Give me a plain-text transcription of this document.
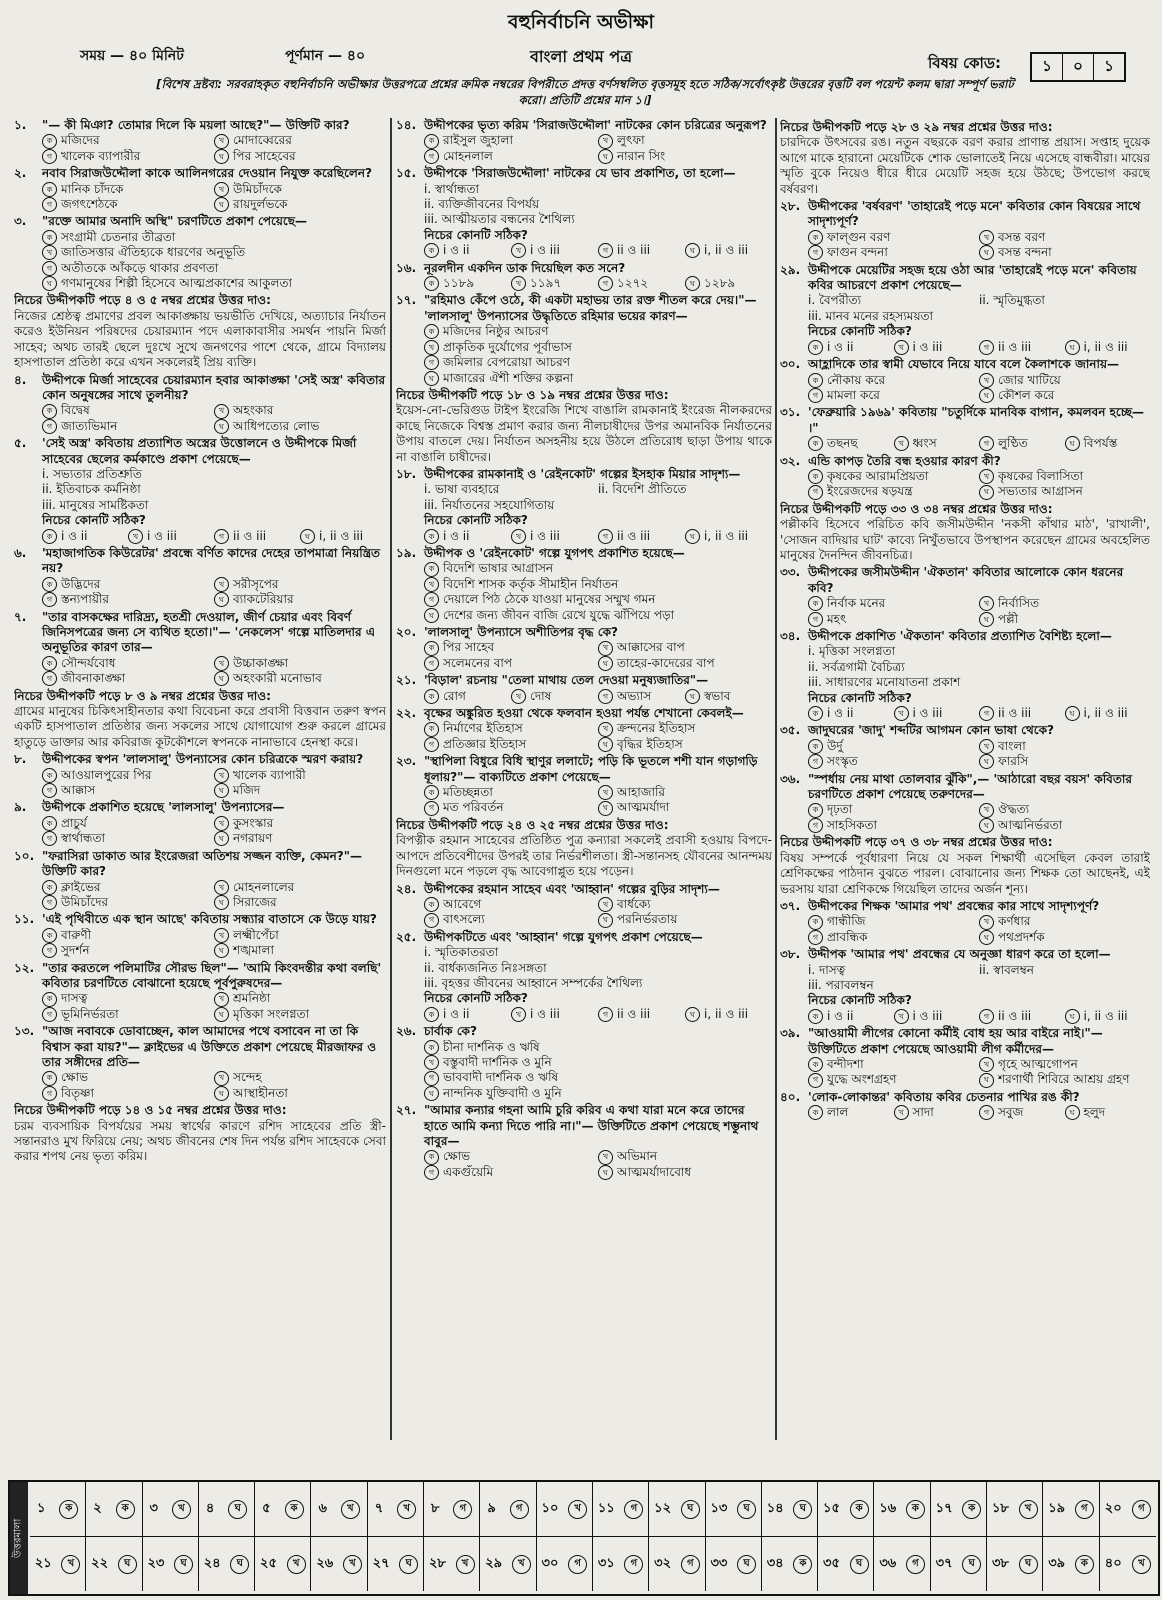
বহুনির্বাচনি অভীক্ষা
সময় — ৪০ মিনিট	পূর্ণমান — ৪০	বাংলা প্রথম পত্র	বিষয় কোড:	১	০	১
[বিশেষ দ্রষ্টব্য: সরবরাহকৃত বহুনির্বাচনি অভীক্ষার উত্তরপত্রে প্রশ্নের ক্রমিক নম্বরের বিপরীতে প্রদত্ত বর্ণসম্বলিত বৃত্তসমূহ হতে সঠিক/সর্বোৎকৃষ্ট উত্তরের বৃত্তটি বল পয়েন্ট কলম দ্বারা সম্পূর্ণ ভরাট করো। প্রতিটি প্রশ্নের মান ১।]
১.	"— কী মিঞা? তোমার দিলে কি ময়লা আছে?"— উক্তিটি কার?
ক মজিদের	খ মোদাব্বেরের
গ খালেক ব্যাপারীর	ঘ পির সাহেবের
২.	নবাব সিরাজউদ্দৌলা কাকে আলিনগরের দেওয়ান নিযুক্ত করেছিলেন?
ক মানিক চাঁদকে	খ উমিচাঁদকে
গ জগৎশেঠকে	ঘ রায়দুর্লভকে
৩.	"রক্তে আমার অনাদি অস্থি" চরণটিতে প্রকাশ পেয়েছে—
ক সংগ্রামী চেতনার তীব্রতা
খ জাতিসত্তার ঐতিহ্যকে ধারণের অনুভূতি
গ অতীতকে আঁকড়ে থাকার প্রবণতা
ঘ গণমানুষের শিল্পী হিসেবে আত্মপ্রকাশের আকুলতা
নিচের উদ্দীপকটি পড়ে ৪ ও ৫ নম্বর প্রশ্নের উত্তর দাও:
নিজের শ্রেষ্ঠত্ব প্রমাণের প্রবল আকাঙ্ক্ষায় ভয়ভীতি দেখিয়ে, অত্যাচার নির্যাতন করেও ইউনিয়ন পরিষদের চেয়ারম্যান পদে এলাকাবাসীর সমর্থন পায়নি মির্জা সাহেব; অথচ তারই ছেলে দুঃখে সুখে জনগণের পাশে থেকে, গ্রামে বিদ্যালয় হাসপাতাল প্রতিষ্ঠা করে এখন সকলেরই প্রিয় ব্যক্তি।
৪.	উদ্দীপকে মির্জা সাহেবের চেয়ারম্যান হবার আকাঙ্ক্ষা 'সেই অস্ত্র' কবিতার কোন অনুষঙ্গের সাথে তুলনীয়?
ক বিদ্বেষ	খ অহংকার
গ জাত্যভিমান	ঘ আধিপত্যের লোভ
৫.	'সেই অস্ত্র' কবিতায় প্রত্যাশিত অস্ত্রের উত্তোলনে ও উদ্দীপকে মির্জা সাহেবের ছেলের কর্মকাণ্ডে প্রকাশ পেয়েছে—
i. সভ্যতার প্রতিশ্রুতি
ii. ইতিবাচক কর্মনিষ্ঠা
iii. মানুষের সামষ্টিকতা
নিচের কোনটি সঠিক?
ক i ও ii	খ i ও iii	গ ii ও iii	ঘ i, ii ও iii
৬.	'মহাজাগতিক কিউরেটর' প্রবন্ধে বর্ণিত কাদের দেহের তাপমাত্রা নিয়ন্ত্রিত নয়?
ক উদ্ভিদের	খ সরীসৃপের
গ স্তন্যপায়ীর	ঘ ব্যাকটেরিয়ার
৭.	"তার বাসকক্ষের দারিদ্র্য, হতশ্রী দেওয়াল, জীর্ণ চেয়ার এবং বিবর্ণ জিনিসপত্রের জন্য সে ব্যথিত হতো।"— 'নেকলেস' গল্পে মাতিলদার এ অনুভূতির কারণ তার—
ক সৌন্দর্যবোধ	খ উচ্চাকাঙ্ক্ষা
গ জীবনাকাঙ্ক্ষা	ঘ অহংকারী মনোভাব
নিচের উদ্দীপকটি পড়ে ৮ ও ৯ নম্বর প্রশ্নের উত্তর দাও:
গ্রামের মানুষের চিকিৎসাহীনতার কথা বিবেচনা করে প্রবাসী বিত্তবান তরুণ স্বপন একটি হাসপাতাল প্রতিষ্ঠার জন্য সকলের সাথে যোগাযোগ শুরু করলে গ্রামের হাতুড়ে ডাক্তার আর কবিরাজ কূটকৌশলে স্বপনকে নানাভাবে হেনস্থা করে।
৮.	উদ্দীপকের স্বপন 'লালসালু' উপন্যাসের কোন চরিত্রকে স্মরণ করায়?
ক আওয়ালপুরের পির	খ খালেক ব্যাপারী
গ আক্কাস	ঘ মজিদ
৯.	উদ্দীপকে প্রকাশিত হয়েছে 'লালসালু' উপন্যাসের—
ক প্রাচুর্য	খ কুসংস্কার
গ স্বার্থান্ধতা	ঘ নগরায়ণ
১০. "ফরাসিরা ডাকাত আর ইংরেজরা অতিশয় সজ্জন ব্যক্তি, কেমন?"— উক্তিটি কার?
ক ক্লাইভের	খ মোহনলালের
গ উমিচাঁদের	ঘ সিরাজের
১১. 'এই পৃথিবীতে এক স্থান আছে' কবিতায় সন্ধ্যার বাতাসে কে উড়ে যায়?
ক বারুণী	খ লক্ষ্মীপেঁচা
গ সুদর্শন	ঘ শঙ্খমালা
১২. "তার করতলে পলিমাটির সৌরভ ছিল"— 'আমি কিংবদন্তীর কথা বলছি' কবিতার চরণটিতে বোঝানো হয়েছে পূর্বপুরুষদের—
ক দাসত্ব	খ শ্রমনিষ্ঠা
গ ভূমিনির্ভরতা	ঘ মৃত্তিকা সংলগ্নতা
১৩. "আজ নবাবকে ডোবাচ্ছেন, কাল আমাদের পথে বসাবেন না তা কি বিশ্বাস করা যায়?"— ক্লাইভের এ উক্তিতে প্রকাশ পেয়েছে মীরজাফর ও তার সঙ্গীদের প্রতি—
ক ক্ষোভ	খ সন্দেহ
গ বিতৃষ্ণা	ঘ আস্থাহীনতা
নিচের উদ্দীপকটি পড়ে ১৪ ও ১৫ নম্বর প্রশ্নের উত্তর দাও:
চরম ব্যবসায়িক বিপর্যয়ের সময় স্বার্থের কারণে রশিদ সাহেবের প্রতি স্ত্রী-সন্তানরাও মুখ ফিরিয়ে নেয়; অথচ জীবনের শেষ দিন পর্যন্ত রশিদ সাহেবকে সেবা করার শপথ নেয় ভৃত্য করিম।
১৪. উদ্দীপকের ভৃত্য করিম 'সিরাজউদ্দৌলা' নাটকের কোন চরিত্রের অনুরূপ?
ক রাইসুল জুহালা	খ লুৎফা
গ মোহনলাল	ঘ নারান সিং
১৫. উদ্দীপকে 'সিরাজউদ্দৌলা' নাটকের যে ভাব প্রকাশিত, তা হলো—
i. স্বার্থান্ধতা
ii. ব্যক্তিজীবনের বিপর্যয়
iii. আত্মীয়তার বন্ধনের শৈথিল্য
নিচের কোনটি সঠিক?
ক i ও ii	খ i ও iii	গ ii ও iii	ঘ i, ii ও iii
১৬. নূরলদীন একদিন ডাক দিয়েছিল কত সনে?
ক ১১৮৯	খ ১১৯৭	গ ১২৭২	ঘ ১২৮৯
১৭. "রহিমাও কেঁপে ওঠে, কী একটা মহাভয় তার রক্ত শীতল করে দেয়।"— 'লালসালু' উপন্যাসের উদ্ধৃতিতে রহিমার ভয়ের কারণ—
ক মজিদের নিষ্ঠুর আচরণ
খ প্রাকৃতিক দুর্যোগের পূর্বাভাস
গ জমিলার বেপরোয়া আচরণ
ঘ মাজারের ঐশী শক্তির কল্পনা
নিচের উদ্দীপকটি পড়ে ১৮ ও ১৯ নম্বর প্রশ্নের উত্তর দাও:
ইয়েস-নো-ভেরিগুড টাইপ ইংরেজি শিখে বাঙালি রামকানাই ইংরেজ নীলকরদের কাছে নিজেকে বিশ্বস্ত প্রমাণ করার জন্য নীলচাষীদের উপর অমানবিক নির্যাতনের উপায় বাতলে দেয়। নির্যাতন অসহনীয় হয়ে উঠলে প্রতিরোধ ছাড়া উপায় থাকে না বাঙালি চাষীদের।
১৮. উদ্দীপকের রামকানাই ও 'রেইনকোট' গল্পের ইসহাক মিয়ার সাদৃশ্য—
i. ভাষা ব্যবহারে	ii. বিদেশি প্রীতিতে
iii. নির্যাতনের সহযোগিতায়
নিচের কোনটি সঠিক?
ক i ও ii	খ i ও iii	গ ii ও iii	ঘ i, ii ও iii
১৯. উদ্দীপক ও 'রেইনকোট' গল্পে যুগপৎ প্রকাশিত হয়েছে—
ক বিদেশি ভাষার আগ্রাসন
খ বিদেশি শাসক কর্তৃক সীমাহীন নির্যাতন
গ দেয়ালে পিঠ ঠেকে যাওয়া মানুষের সম্মুখ গমন
ঘ দেশের জন্য জীবন বাজি রেখে যুদ্ধে ঝাঁপিয়ে পড়া
২০. 'লালসালু' উপন্যাসে অশীতিপর বৃদ্ধ কে?
ক পির সাহেব	খ আক্কাসের বাপ
গ সলেমনের বাপ	ঘ তাহের-কাদেরের বাপ
২১. 'বিড়াল' রচনায় "তেলা মাথায় তেল দেওয়া মনুষ্যজাতির"—
ক রোগ	খ দোষ	গ অভ্যাস	ঘ স্বভাব
২২. বৃক্ষের অঙ্কুরিত হওয়া থেকে ফলবান হওয়া পর্যন্ত শেখানো কেবলই—
ক নির্মাণের ইতিহাস	খ ক্রন্দনের ইতিহাস
গ প্রতিজ্ঞার ইতিহাস	ঘ বৃদ্ধির ইতিহাস
২৩. "স্থাপিলা বিধুরে বিধি স্থাণুর ললাটে; পড়ি কি ভূতলে শশী যান গড়াগড়ি ধূলায়?"— বাক্যটিতে প্রকাশ পেয়েছে—
ক মতিচ্ছন্নতা	খ আহাজারি
গ মত পরিবর্তন	ঘ আত্মমর্যাদা
নিচের উদ্দীপকটি পড়ে ২৪ ও ২৫ নম্বর প্রশ্নের উত্তর দাও:
বিপত্নীক রহমান সাহেবের প্রতিষ্ঠিত পুত্র কন্যারা সকলেই প্রবাসী হওয়ায় বিপদে-আপদে প্রতিবেশীদের উপরই তার নির্ভরশীলতা। স্ত্রী-সন্তানসহ যৌবনের আনন্দময় দিনগুলো মনে পড়লে বৃদ্ধ আবেগাপ্লুত হয়ে পড়েন।
২৪. উদ্দীপকের রহমান সাহেব এবং 'আহ্বান' গল্পের বুড়ির সাদৃশ্য—
ক আবেগে	খ বার্ধক্যে
গ বাৎসল্যে	ঘ পরনির্ভরতায়
২৫. উদ্দীপকটিতে এবং 'আহ্বান' গল্পে যুগপৎ প্রকাশ পেয়েছে—
i. স্মৃতিকাতরতা
ii. বার্ধক্যজনিত নিঃসঙ্গতা
iii. বৃহত্তর জীবনের আহ্বানে সম্পর্কের শৈথিল্য
নিচের কোনটি সঠিক?
ক i ও ii	খ i ও iii	গ ii ও iii	ঘ i, ii ও iii
২৬. চার্বাক কে?
ক চীনা দার্শনিক ও ঋষি
খ বস্তুবাদী দার্শনিক ও মুনি
গ ভাববাদী দার্শনিক ও ঋষি
ঘ নান্দনিক যুক্তিবাদী ও মুনি
২৭. "আমার কন্যার গহনা আমি চুরি করিব এ কথা যারা মনে করে তাদের হাতে আমি কন্যা দিতে পারি না।"— উক্তিটিতে প্রকাশ পেয়েছে শম্ভুনাথ বাবুর—
ক ক্ষোভ	খ অভিমান
গ একগুঁয়েমি	ঘ আত্মমর্যাদাবোধ
নিচের উদ্দীপকটি পড়ে ২৮ ও ২৯ নম্বর প্রশ্নের উত্তর দাও:
চারদিকে উৎসবের রঙ। নতুন বছরকে বরণ করার প্রাণান্ত প্রয়াস। সপ্তাহ দুয়েক আগে মাকে হারানো মেয়েটিকে শোক ভোলাতেই নিয়ে এসেছে বান্ধবীরা। মায়ের স্মৃতি বুকে নিয়েও ধীরে ধীরে মেয়েটি সহজ হয়ে উঠছে; উপভোগ করছে বর্ষবরণ।
২৮. উদ্দীপকের 'বর্ষবরণ' 'তাহারেই পড়ে মনে' কবিতার কোন বিষয়ের সাথে সাদৃশ্যপূর্ণ?
ক ফাল্গুন বরণ	খ বসন্ত বরণ
গ ফাগুন বন্দনা	ঘ বসন্ত বন্দনা
২৯. উদ্দীপকে মেয়েটির সহজ হয়ে ওঠা আর 'তাহারেই পড়ে মনে' কবিতায় কবির আচরণে প্রকাশ পেয়েছে—
i. বৈপরীত্য	ii. স্মৃতিমুগ্ধতা
iii. মানব মনের রহস্যময়তা
নিচের কোনটি সঠিক?
ক i ও ii	খ i ও iii	গ ii ও iii	ঘ i, ii ও iii
৩০. আহ্লাদিকে তার স্বামী যেভাবে নিয়ে যাবে বলে কৈলাশকে জানায়—
ক নৌকায় করে	খ জোর খাটিয়ে
গ মামলা করে	ঘ কৌশল করে
৩১. 'ফেব্রুয়ারি ১৯৬৯' কবিতায় "চতুর্দিকে মানবিক বাগান, কমলবন হচ্ছে— ।"
ক তছনছ	খ ধ্বংস	গ লুণ্ঠিত	ঘ বিপর্যস্ত
৩২. এন্ডি কাপড় তৈরি বন্ধ হওয়ার কারণ কী?
ক কৃষকের আরামপ্রিয়তা	খ কৃষকের বিলাসিতা
গ ইংরেজদের ষড়যন্ত্র	ঘ সভ্যতার আগ্রাসন
নিচের উদ্দীপকটি পড়ে ৩৩ ও ৩৪ নম্বর প্রশ্নের উত্তর দাও:
পল্লীকবি হিসেবে পরিচিত কবি জসীমউদ্দীন 'নকসী কাঁথার মাঠ', 'রাখালী', 'সোজন বাদিয়ার ঘাট' কাব্যে নিখুঁতভাবে উপস্থাপন করেছেন গ্রামের অবহেলিত মানুষের দৈনন্দিন জীবনচিত্র।
৩৩. উদ্দীপকের জসীমউদ্দীন 'ঐকতান' কবিতার আলোকে কোন ধরনের কবি?
ক নির্বাক মনের	খ নির্বাসিত
গ মহৎ	ঘ পল্লী
৩৪. উদ্দীপকে প্রকাশিত 'ঐকতান' কবিতার প্রত্যাশিত বৈশিষ্ট্য হলো—
i. মৃত্তিকা সংলগ্নতা
ii. সর্বত্রগামী বৈচিত্র্য
iii. সাধারণের মনোযাতনা প্রকাশ
নিচের কোনটি সঠিক?
ক i ও ii	খ i ও iii	গ ii ও iii	ঘ i, ii ও iii
৩৫. জাদুঘরের 'জাদু' শব্দটির আগমন কোন ভাষা থেকে?
ক উর্দু	খ বাংলা
গ সংস্কৃত	ঘ ফারসি
৩৬. "স্পর্ধায় নেয় মাথা তোলবার ঝুঁকি",— 'আঠারো বছর বয়স' কবিতার চরণটিতে প্রকাশ পেয়েছে তরুণদের—
ক দৃঢ়তা	খ ঔদ্ধত্য
গ সাহসিকতা	ঘ আত্মনির্ভরতা
নিচের উদ্দীপকটি পড়ে ৩৭ ও ৩৮ নম্বর প্রশ্নের উত্তর দাও:
বিষয় সম্পর্কে পূর্বধারণা নিয়ে যে সকল শিক্ষার্থী এসেছিল কেবল তারাই শ্রেণিকক্ষের পাঠদান বুঝতে পারল। বোঝানোর জন্য শিক্ষক তো আছেনই, এই ভরসায় যারা শ্রেণিকক্ষে গিয়েছিল তাদের অর্জন শূন্য।
৩৭. উদ্দীপকের শিক্ষক 'আমার পথ' প্রবন্ধের কার সাথে সাদৃশ্যপূর্ণ?
ক গান্ধীজি	খ কর্ণধার
গ প্রাবন্ধিক	ঘ পথপ্রদর্শক
৩৮. উদ্দীপক 'আমার পথ' প্রবন্ধের যে অনুজ্ঞা ধারণ করে তা হলো—
i. দাসত্ব	ii. স্বাবলম্বন
iii. পরাবলম্বন
নিচের কোনটি সঠিক?
ক i ও ii	খ i ও iii	গ ii ও iii	ঘ i, ii ও iii
৩৯. "আওয়ামী লীগের কোনো কর্মীই বোধ হয় আর বাইরে নাই।"— উক্তিটিতে প্রকাশ পেয়েছে আওয়ামী লীগ কর্মীদের—
ক বন্দীদশা	খ গৃহে আত্মগোপন
গ যুদ্ধে অংশগ্রহণ	ঘ শরণার্থী শিবিরে আশ্রয় গ্রহণ
৪০. 'লোক-লোকান্তর' কবিতায় কবির চেতনার পাখির রঙ কী?
ক লাল	খ সাদা	গ সবুজ	ঘ হলুদ
উত্তরমালা
১	ক	২	ক	৩	খ	৪	ঘ	৫	ক	৬	খ	৭	খ	৮	গ	৯	গ	১০	খ	১১	গ	১২	ঘ	১৩	ঘ	১৪	ঘ	১৫	ক	১৬	ক	১৭	ক	১৮	খ	১৯	গ	২০	গ
২১	খ	২২	ঘ	২৩	ঘ	২৪	ঘ	২৫	খ	২৬	খ	২৭	ঘ	২৮	খ	২৯	খ	৩০	গ	৩১	গ	৩২	গ	৩৩	ঘ	৩৪	ক	৩৫	ঘ	৩৬	গ	৩৭	ঘ	৩৮	ঘ	৩৯	ক	৪০	খ
